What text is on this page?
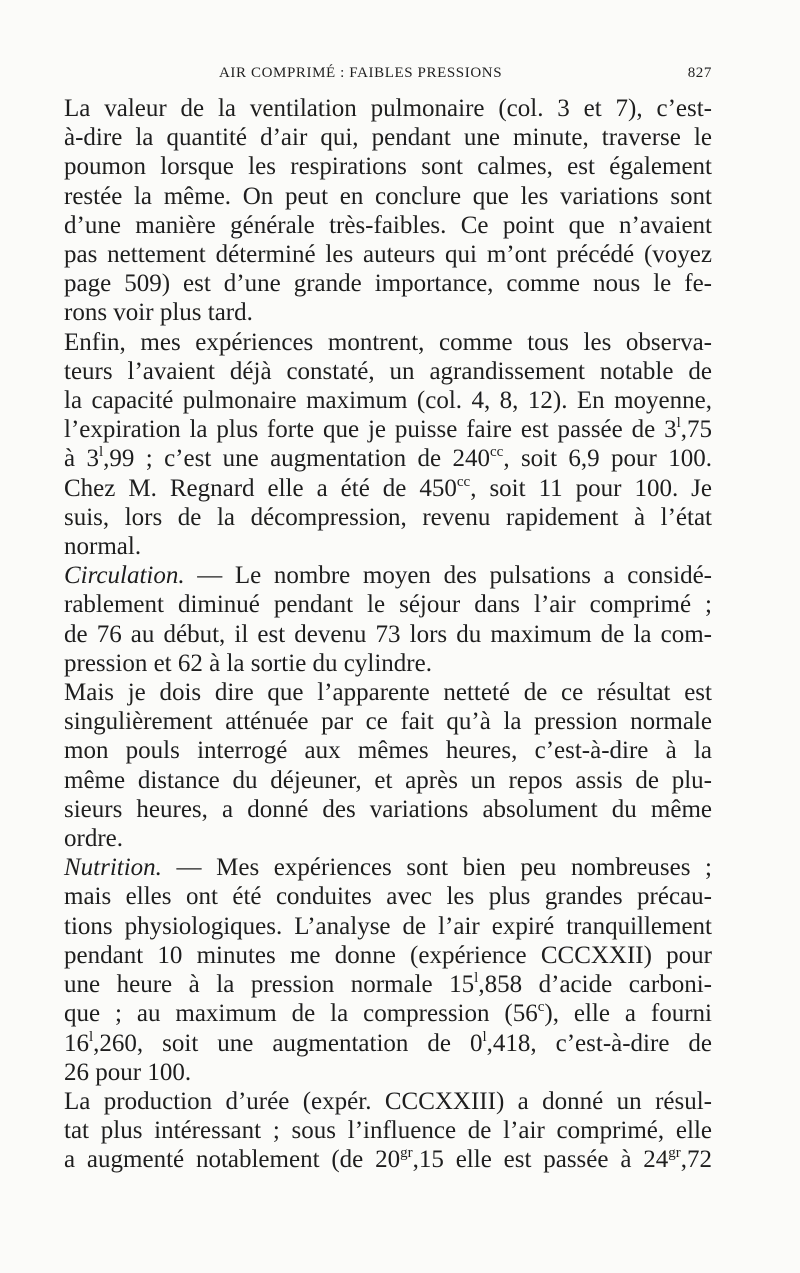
AIR COMPRIMÉ : FAIBLES PRESSIONS	827

La valeur de la ventilation pulmonaire (col. 3 et 7), c’est-
à-dire la quantité d’air qui, pendant une minute, traverse le
poumon lorsque les respirations sont calmes, est également
restée la même. On peut en conclure que les variations sont
d’une manière générale très-faibles. Ce point que n’avaient
pas nettement déterminé les auteurs qui m’ont précédé (voyez
page 509) est d’une grande importance, comme nous le fe-
rons voir plus tard.

Enfin, mes expériences montrent, comme tous les observa-
teurs l’avaient déjà constaté, un agrandissement notable de
la capacité pulmonaire maximum (col. 4, 8, 12). En moyenne,
l’expiration la plus forte que je puisse faire est passée de 3$^l$,75
à 3$^l$,99 ; c’est une augmentation de $240^{cc}$, soit 6,9 pour 100.
Chez M. Regnard elle a été de $450^{cc}$, soit 11 pour 100. Je
suis, lors de la décompression, revenu rapidement à l’état
normal.

Circulation. — Le nombre moyen des pulsations a considé-
rablement diminué pendant le séjour dans l’air comprimé ;
de 76 au début, il est devenu 73 lors du maximum de la com-
pression et 62 à la sortie du cylindre.

Mais je dois dire que l’apparente netteté de ce résultat est
singulièrement atténuée par ce fait qu’à la pression normale
mon pouls interrogé aux mêmes heures, c’est-à-dire à la
même distance du déjeuner, et après un repos assis de plu-
sieurs heures, a donné des variations absolument du même
ordre.

Nutrition. — Mes expériences sont bien peu nombreuses ;
mais elles ont été conduites avec les plus grandes précau-
tions physiologiques. L’analyse de l’air expiré tranquillement
pendant 10 minutes me donne (expérience CCCXXII) pour
une heure à la pression normale 15$^l$,858 d’acide carboni-
que ; au maximum de la compression (56$^c$), elle a fourni
16$^l$,260, soit une augmentation de 0$^l$,418, c’est-à-dire de
26 pour 100.

La production d’urée (expér. CCCXXIII) a donné un résul-
tat plus intéressant ; sous l’influence de l’air comprimé, elle
a augmenté notablement (de $20^{gr},15$ elle est passée à $24^{gr},72$
